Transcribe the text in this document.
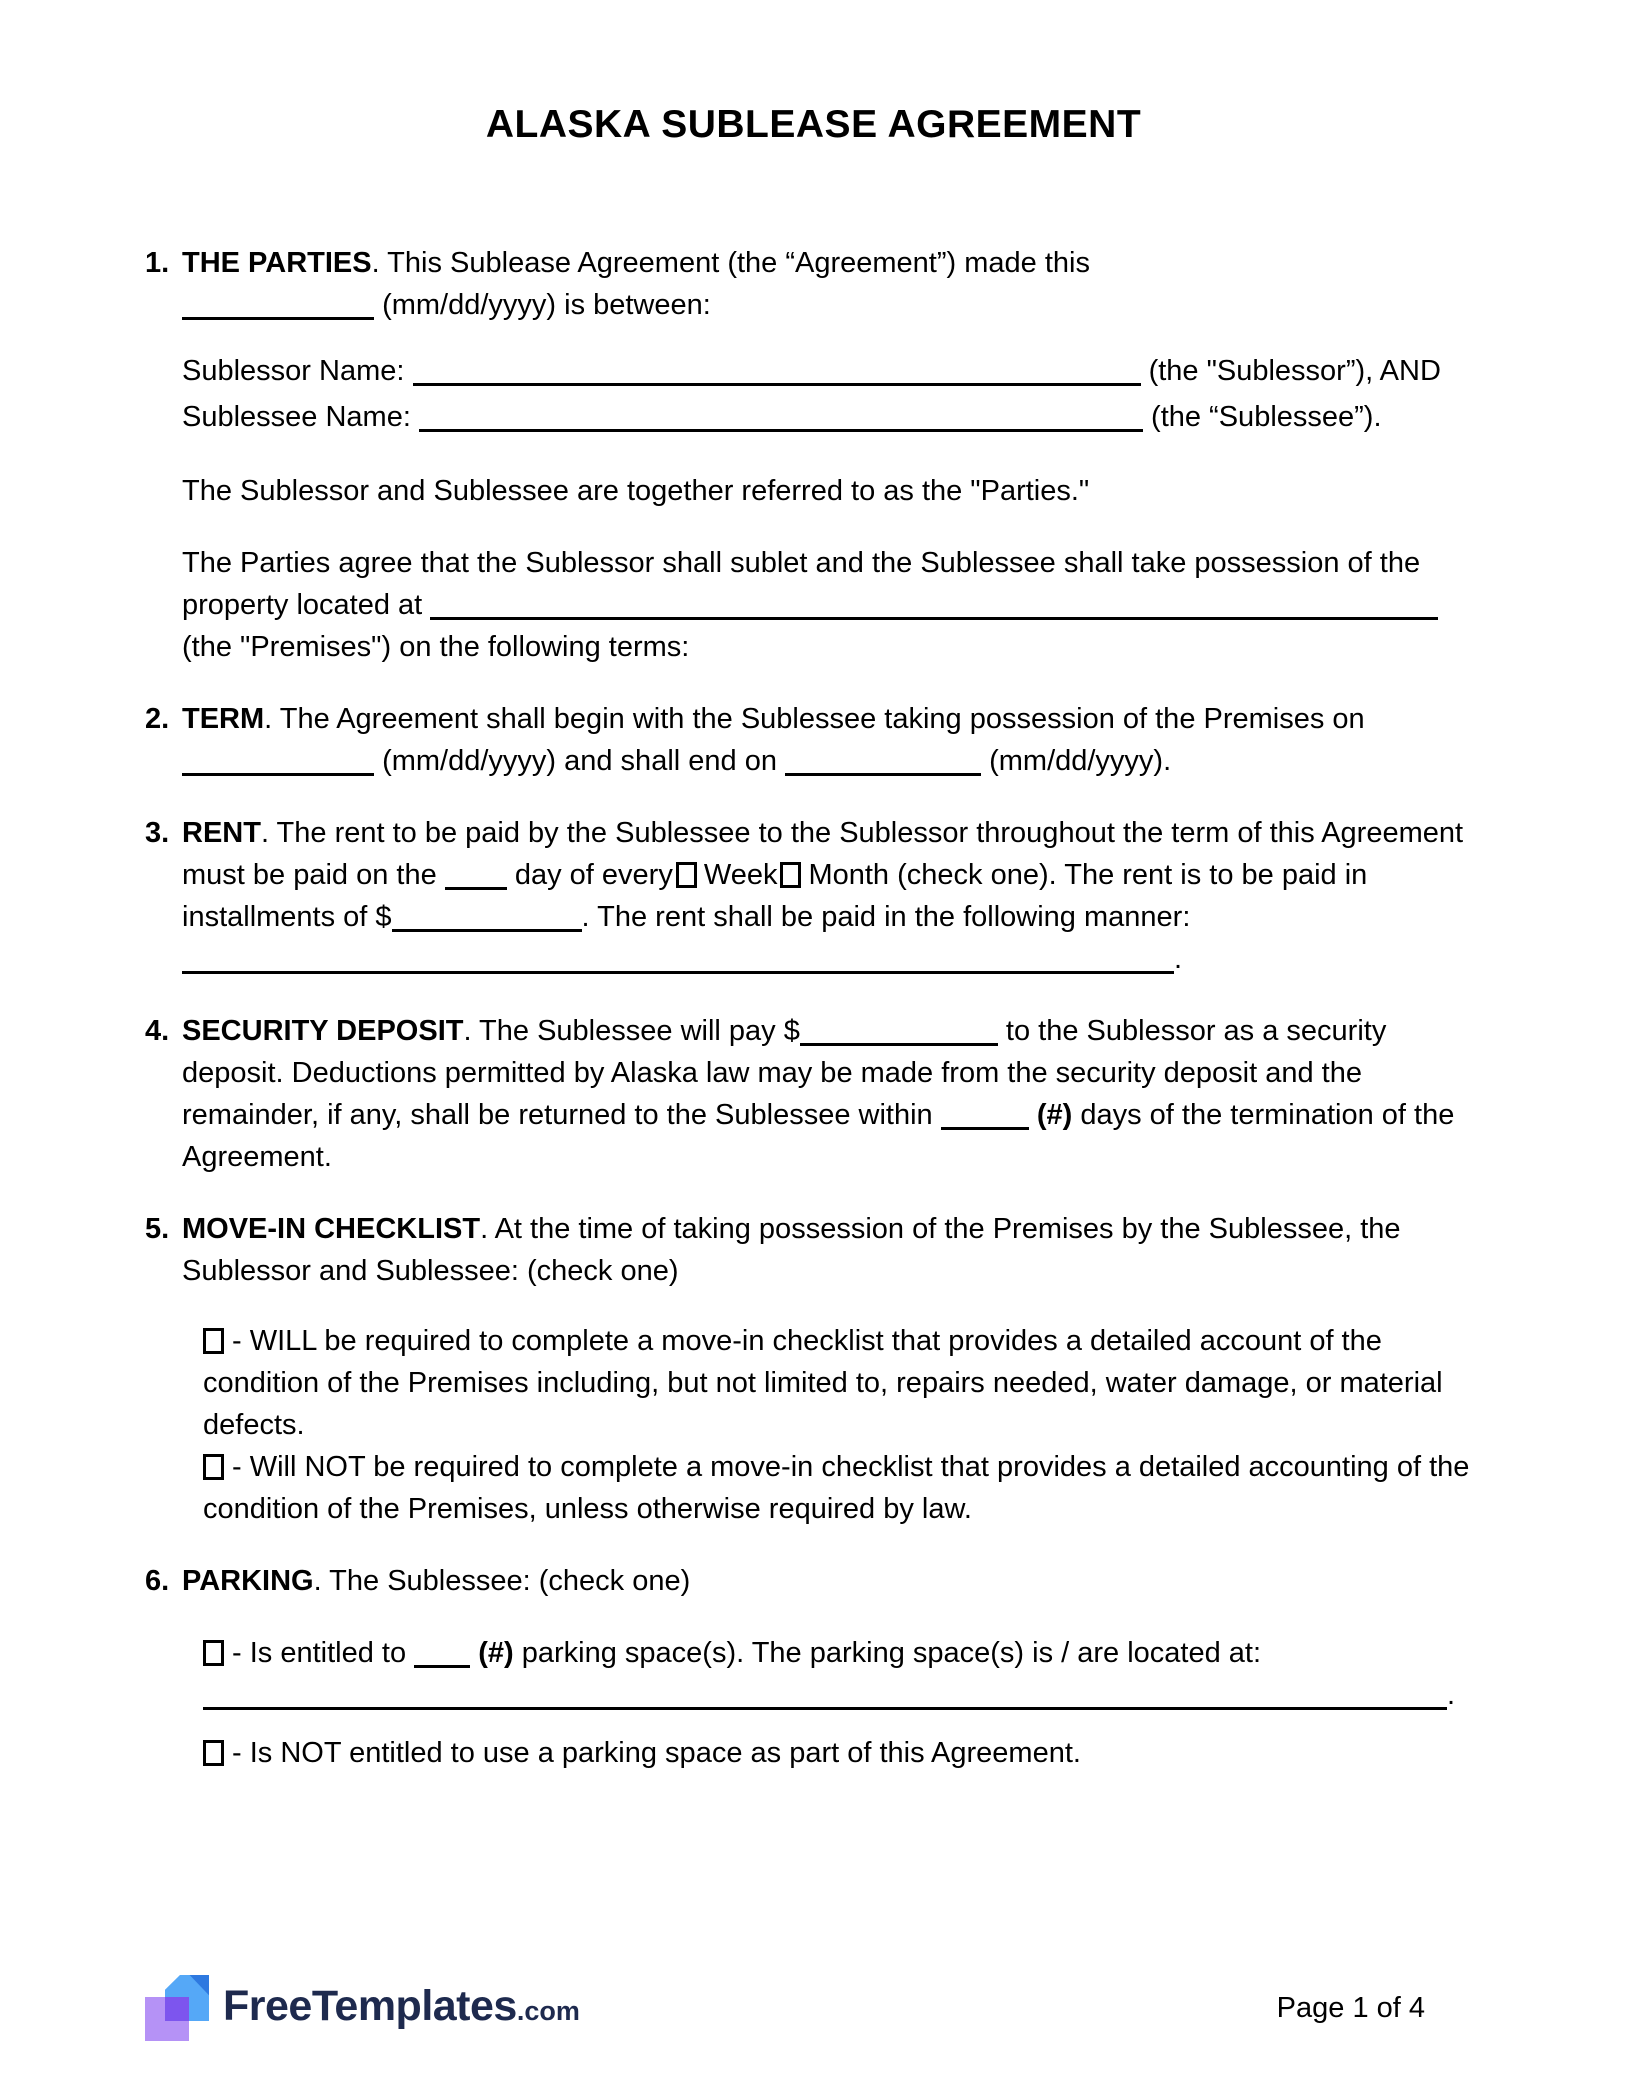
ALASKA SUBLEASE AGREEMENT
1. THE PARTIES. This Sublease Agreement (the “Agreement”) made this
(mm/dd/yyyy) is between:

Sublessor Name:	(the "Sublessor”), AND

Sublessee Name:	(the “Sublessee”).

The Sublessor and Sublessee are together referred to as the "Parties."

The Parties agree that the Sublessor shall sublet and the Sublessee shall take possession of the property located at  (the "Premises") on the following terms:

2. TERM. The Agreement shall begin with the Sublessee taking possession of the Premises on  (mm/dd/yyyy) and shall end on	(mm/dd/yyyy).

3. RENT. The rent to be paid by the Sublessee to the Sublessor throughout the term of this Agreement must be paid on the	day of every Week Month (check one). The rent is to be paid in installments of $	. The rent shall be paid in the following manner: .

4. SECURITY DEPOSIT. The Sublessee will pay $	to the Sublessor as a security deposit. Deductions permitted by Alaska law may be made from the security deposit and the remainder, if any, shall be returned to the Sublessee within	(#) days of the termination of the Agreement.

5. MOVE-IN CHECKLIST. At the time of taking possession of the Premises by the Sublessee, the Sublessor and Sublessee: (check one)

- WILL be required to complete a move-in checklist that provides a detailed account of the condition of the Premises including, but not limited to, repairs needed, water damage, or material defects.

- Will NOT be required to complete a move-in checklist that provides a detailed accounting of the condition of the Premises, unless otherwise required by law.

6. PARKING. The Sublessee: (check one)

- Is entitled to (#) parking space(s). The parking space(s) is / are located at: .

- Is NOT entitled to use a parking space as part of this Agreement.

FreeTemplates.com	Page 1 of 4
